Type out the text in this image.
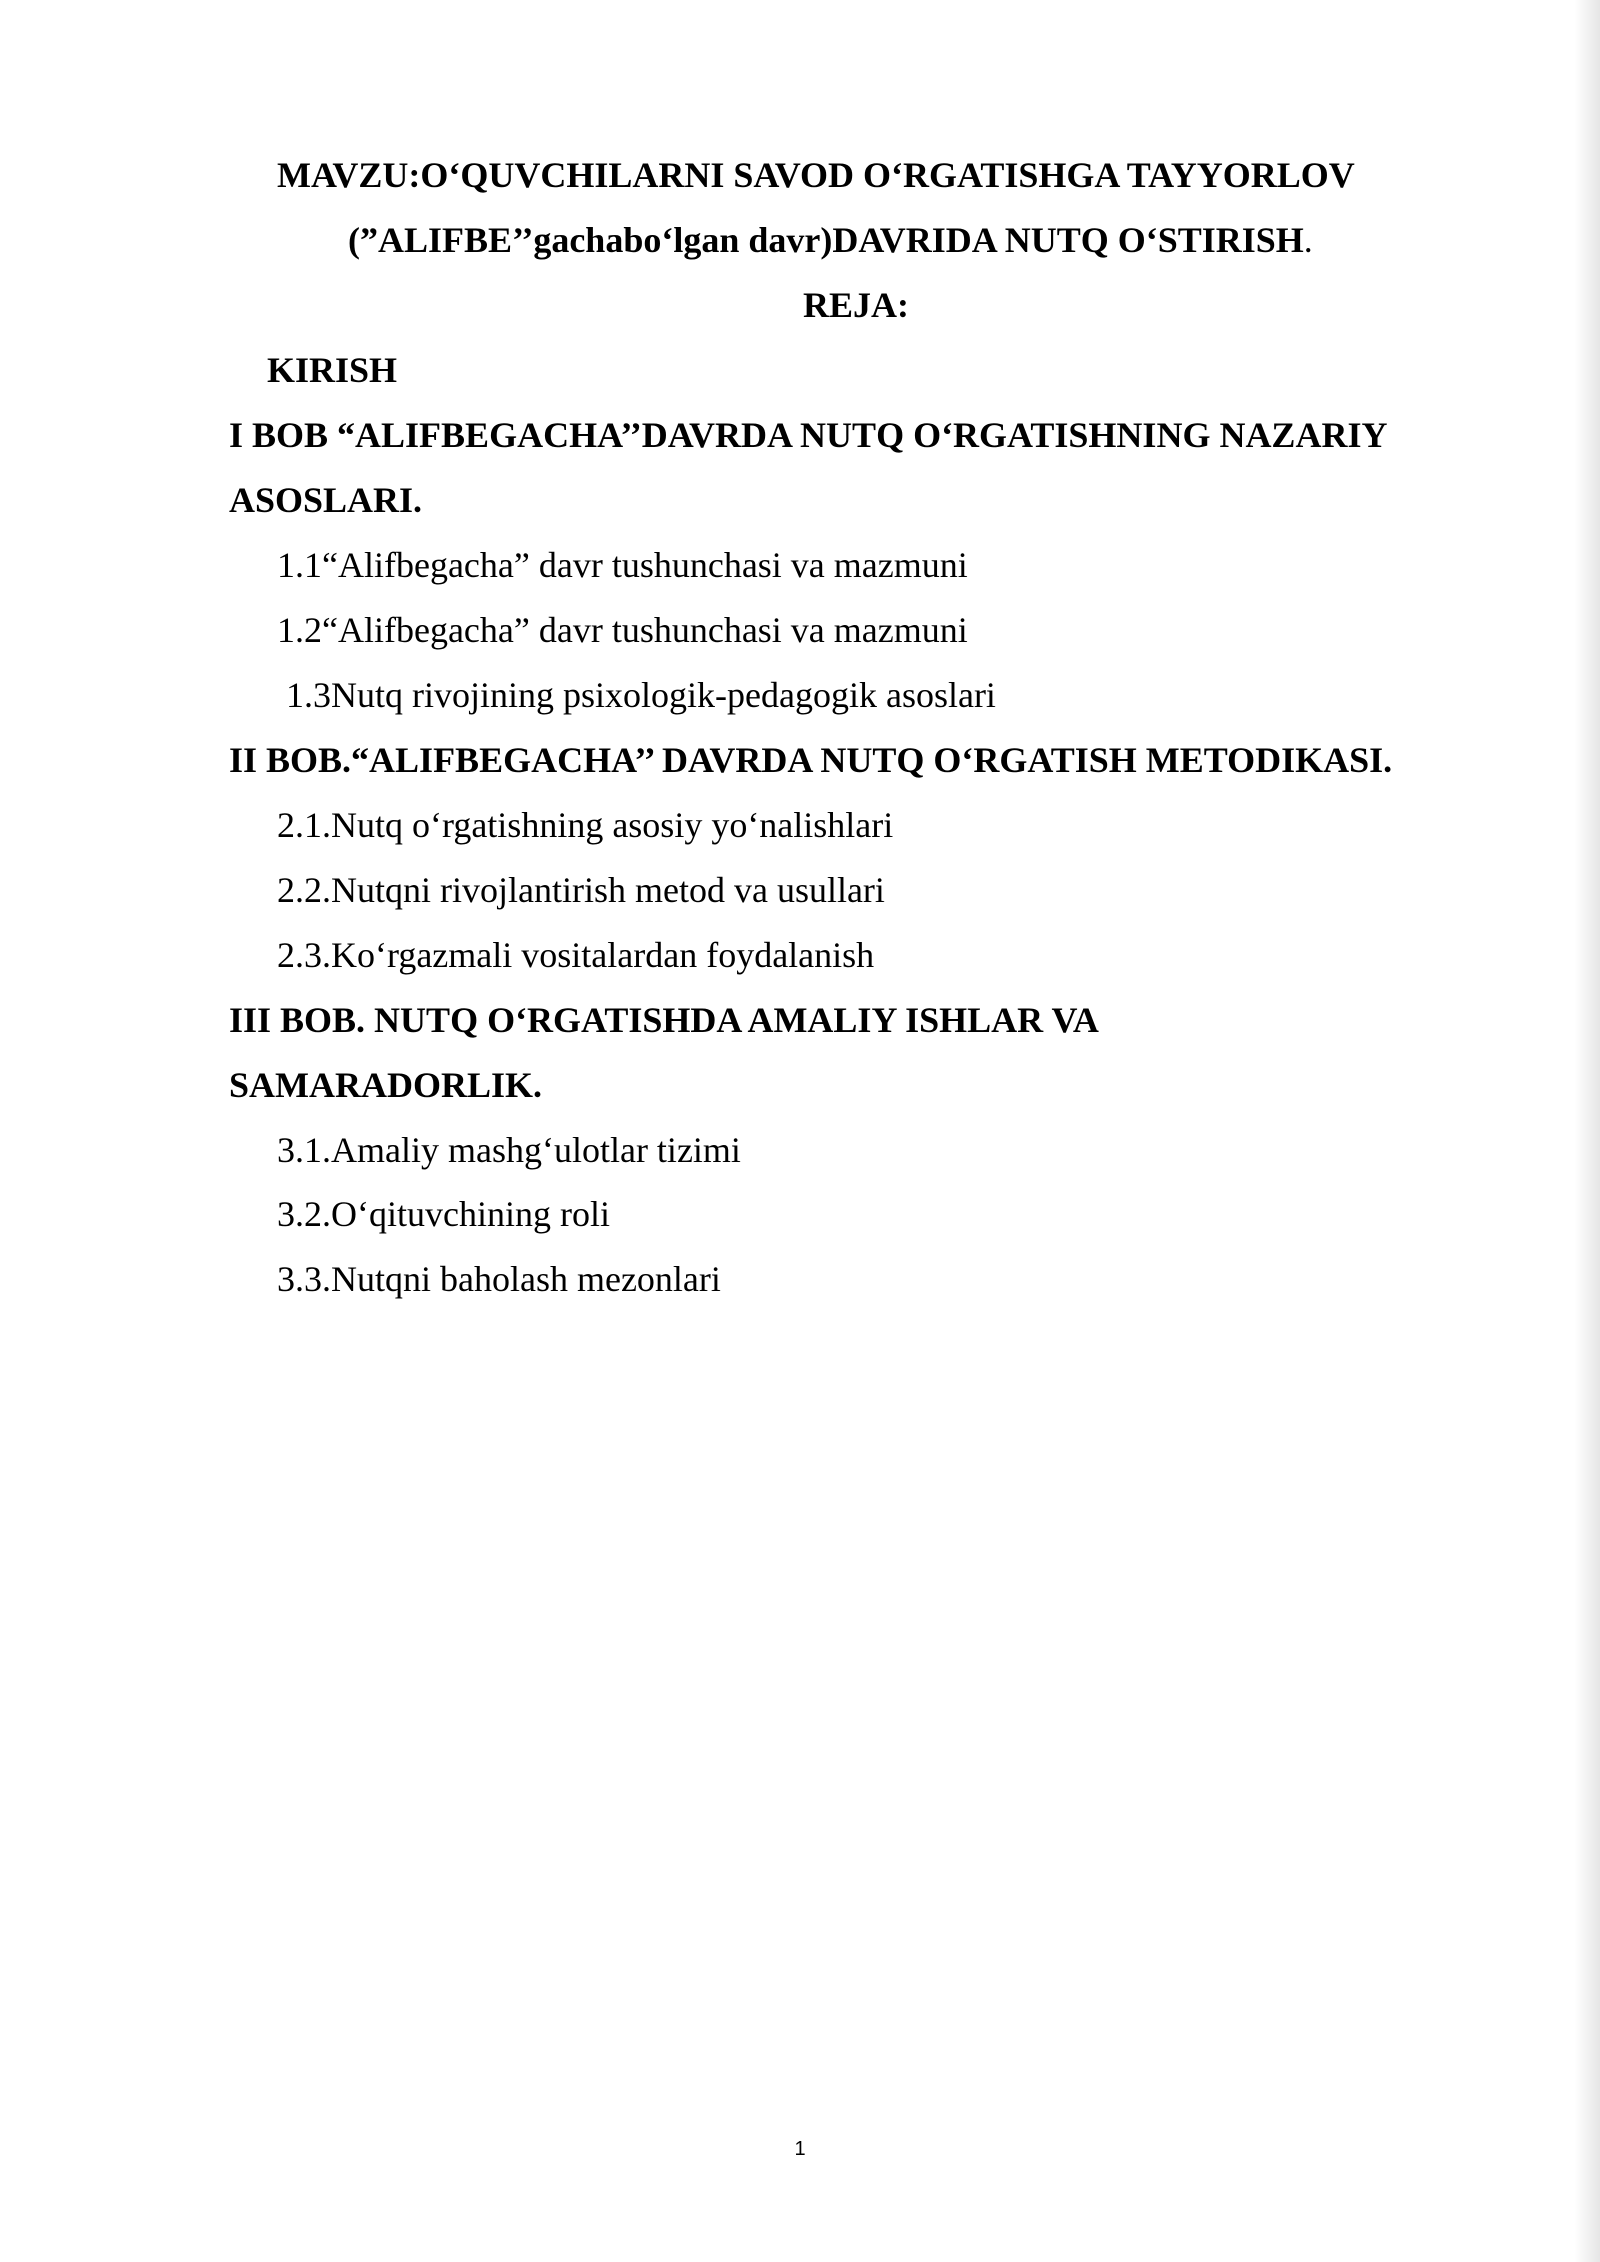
MAVZU:O‘QUVCHILARNI SAVOD O‘RGATISHGA TAYYORLOV
(”ALIFBE’’gachabo‘lgan davr)DAVRIDA NUTQ O‘STIRISH.
REJA:
KIRISH
I BOB “ALIFBEGACHA’’DAVRDA NUTQ O‘RGATISHNING NAZARIY
ASOSLARI.
1.1“Alifbegacha” davr tushunchasi va mazmuni
1.2“Alifbegacha” davr tushunchasi va mazmuni
1.3Nutq rivojining psixologik-pedagogik asoslari
II BOB.“ALIFBEGACHA’’ DAVRDA NUTQ O‘RGATISH METODIKASI.
2.1.Nutq o‘rgatishning asosiy yo‘nalishlari
2.2.Nutqni rivojlantirish metod va usullari
2.3.Ko‘rgazmali vositalardan foydalanish
III BOB. NUTQ O‘RGATISHDA AMALIY ISHLAR VA
SAMARADORLIK.
3.1.Amaliy mashg‘ulotlar tizimi
3.2.O‘qituvchining roli
3.3.Nutqni baholash mezonlari
1
